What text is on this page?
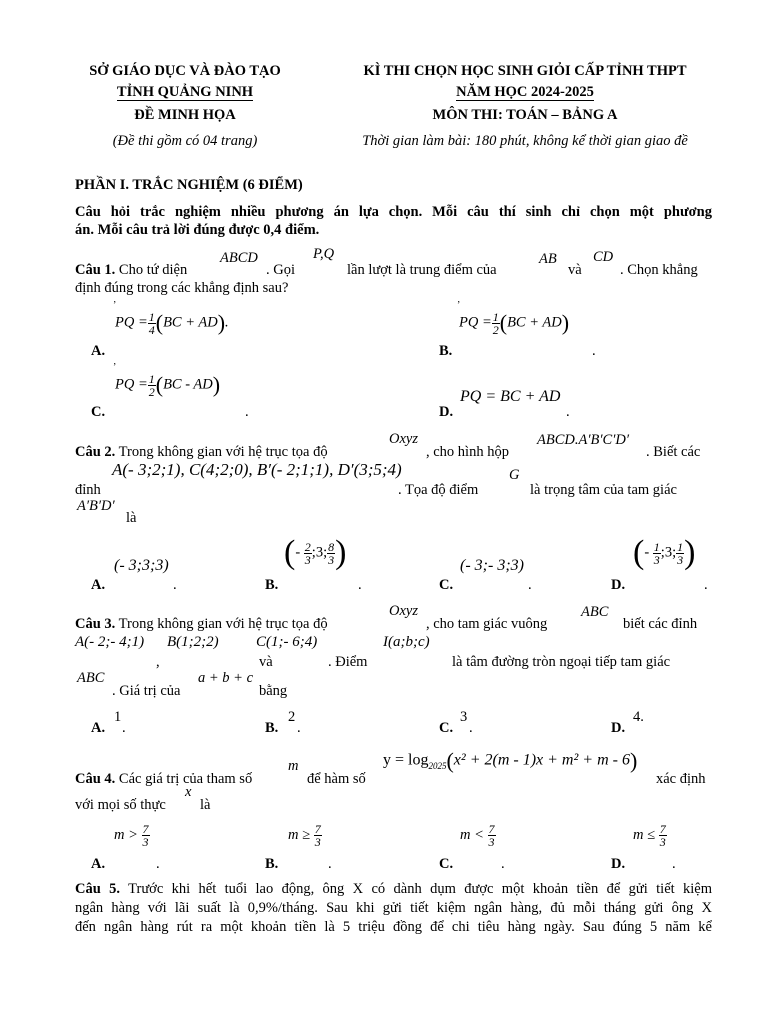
SỞ GIÁO DỤC VÀ ĐÀO TẠO
TỈNH QUẢNG NINH
ĐỀ MINH HỌA
(Đề thi gồm có 04 trang)
KÌ THI CHỌN HỌC SINH GIỎI CẤP TỈNH THPT
NĂM HỌC 2024-2025
MÔN THI: TOÁN – BẢNG A
Thời gian làm bài: 180 phút, không kể thời gian giao đề
PHẦN I. TRẮC NGHIỆM (6 ĐIỂM)
Câu hỏi trắc nghiệm nhiều phương án lựa chọn. Mỗi câu thí sinh chỉ chọn một phương
án. Mỗi câu trả lời đúng được 0,4 điểm.
ABCD	P,Q	AB	CD
Câu 1. Cho tứ diện	. Gọi	lần lượt là trung điểm của	và	. Chọn khẳng
định đúng trong các khẳng định sau?
’
PQ = $\frac{1}{4} (BC + AD)$.
A.
’
PQ = $\frac{1}{2} (BC + AD)$
B.	.
’
PQ = $\frac{1}{2} (BC - AD)$
C.	.
PQ = BC + AD
D.	.
Oxyz	ABCD.A′B′C′D′
Câu 2. Trong không gian với hệ trục tọa độ	, cho hình hộp	. Biết các
A(- 3;2;1), C(4;2;0), B′(- 2;1;1), D′(3;5;4)
đỉnh	. Tọa độ điểm
G
là trọng tâm của tam giác
A′B′D′
là
(- 3;3;3)
A.	.
(- $\frac{2}{3}$ ;3; $\frac{8}{3}$ )
B.	.
(- 3;- 3;3)
C.	.
(- $\frac{1}{3}$ ;3; $\frac{1}{3}$ )
D.	.
Oxyz	ABC
Câu 3. Trong không gian với hệ trục tọa độ	, cho tam giác vuông	biết các đỉnh
A(- 2;- 4;1) B(1;2;2) C(1;- 6;4)	I(a;b;c)
,	và	. Điểm	là tâm đường tròn ngoại tiếp tam giác
ABC
. Giá trị của
a + b + c
bằng
A.
1
.	B.
2
.	C.
3
.	D.
4.
m	$y = \log_{2025}(x^2 + 2(m - 1)x + m^2 + m - 6)$
Câu 4. Các giá trị của tham số	để hàm số	xác định
với mọi số thực
x
là
$m > \frac{7}{3}$
A.	.
$m \ge \frac{7}{3}$
B.	.
$m < \frac{7}{3}$
C.	.
$m \le \frac{7}{3}$
D.	.
Câu 5. Trước khi hết tuổi lao động, ông X có dành dụm được một khoản tiền để gửi tiết kiệm
ngân hàng với lãi suất là 0,9%/tháng. Sau khi gửi tiết kiệm ngân hàng, đủ mỗi tháng gửi ông X
đến ngân hàng rút ra một khoản tiền là 5 triệu đồng để chi tiêu hàng ngày. Sau đúng 5 năm kể
